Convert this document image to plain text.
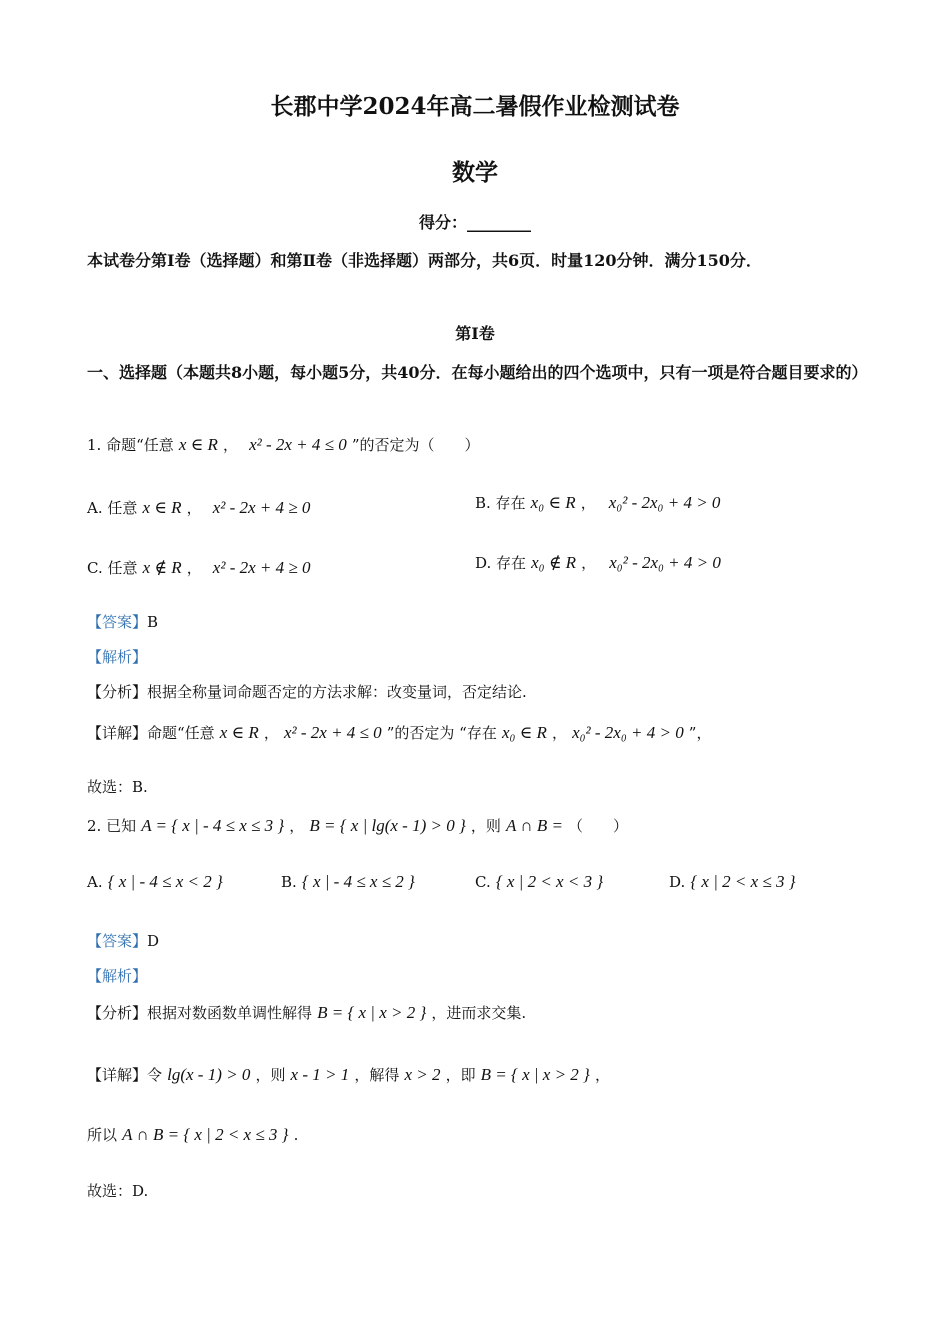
长郡中学2024年高二暑假作业检测试卷
数学
得分：________
本试卷分第Ⅰ卷（选择题）和第Ⅱ卷（非选择题）两部分，共6页．时量120分钟．满分150分．
第Ⅰ卷
一、选择题（本题共8小题，每小题5分，共40分．在每小题给出的四个选项中，只有一项是符合题目要求的）
1. 命题“任意 x ∈ R ， x² - 2x + 4 ≤ 0 ”的否定为（　　）
A. 任意 x ∈ R ， x² - 2x + 4 ≥ 0	B. 存在 x₀ ∈ R ， x₀² - 2x₀ + 4 > 0
C. 任意 x ∉ R ， x² - 2x + 4 ≥ 0	D. 存在 x₀ ∉ R ， x₀² - 2x₀ + 4 > 0
【答案】B
【解析】
【分析】根据全称量词命题否定的方法求解：改变量词，否定结论.
【详解】命题“任意 x ∈ R ， x² - 2x + 4 ≤ 0 ”的否定为 “存在 x₀ ∈ R ， x₀² - 2x₀ + 4 > 0 ”，
故选：B.
2. 已知 A = { x | - 4 ≤ x ≤ 3 } ， B = { x | lg(x - 1) > 0 } ，则 A ∩ B = （　　）
A. { x | - 4 ≤ x < 2 }	B. { x | - 4 ≤ x ≤ 2 }	C. { x | 2 < x < 3 }	D. { x | 2 < x ≤ 3 }
【答案】D
【解析】
【分析】根据对数函数单调性解得 B = { x | x > 2 } ，进而求交集.
【详解】令 lg(x - 1) > 0 ，则 x - 1 > 1 ，解得 x > 2 ，即 B = { x | x > 2 } ，
所以 A ∩ B = { x | 2 < x ≤ 3 } .
故选：D.
